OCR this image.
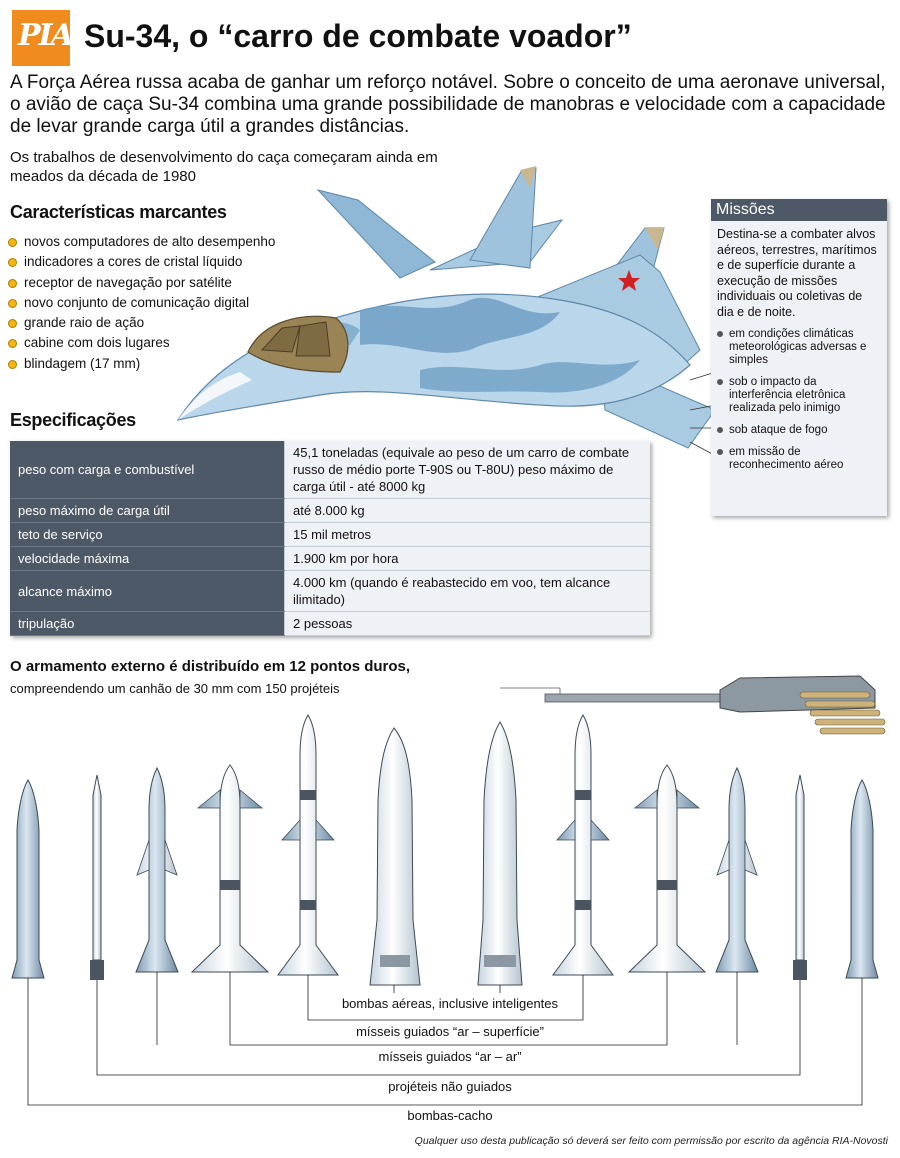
PIA Su-34, o “carro de combate voador”

A Força Aérea russa acaba de ganhar um reforço notável. Sobre o conceito de uma aeronave universal, o avião de caça Su-34 combina uma grande possibilidade de manobras e velocidade com a capacidade de levar grande carga útil a grandes distâncias.

Os trabalhos de desenvolvimento do caça começaram ainda em meados da década de 1980

bombas aéreas, inclusive inteligentes
mísseis guiados “ar – superfície”
mísseis guiados “ar – ar”
projéteis não guiados
bombas-cacho
Características marcantes
novos computadores de alto desempenho
indicadores a cores de cristal líquido
receptor de navegação por satélite
novo conjunto de comunicação digital
grande raio de ação
cabine com dois lugares
blindagem (17 mm)
Especificações
peso com carga e combustível	45,1 toneladas (equivale ao peso de um carro de combate russo de médio porte T-90S ou T-80U) peso máximo de carga útil - até 8000 kg
peso máximo de carga útil	até 8.000 kg
teto de serviço	15 mil metros
velocidade máxima	1.900 km por hora
alcance máximo	4.000 km (quando é reabastecido em voo, tem alcance ilimitado)
tripulação	2 pessoas
Missões

Destina-se a combater alvos aéreos, terrestres, marítimos e de superfície durante a execução de missões individuais ou coletivas de dia e de noite.

em condições climáticas meteorológicas adversas e simples
sob o impacto da interferência eletrônica realizada pelo inimigo
sob ataque de fogo
em missão de reconhecimento aéreo

O armamento externo é distribuído em 12 pontos duros,

compreendendo um canhão de 30 mm com 150 projéteis

Qualquer uso desta publicação só deverá ser feito com permissão por escrito da agência RIA-Novosti
